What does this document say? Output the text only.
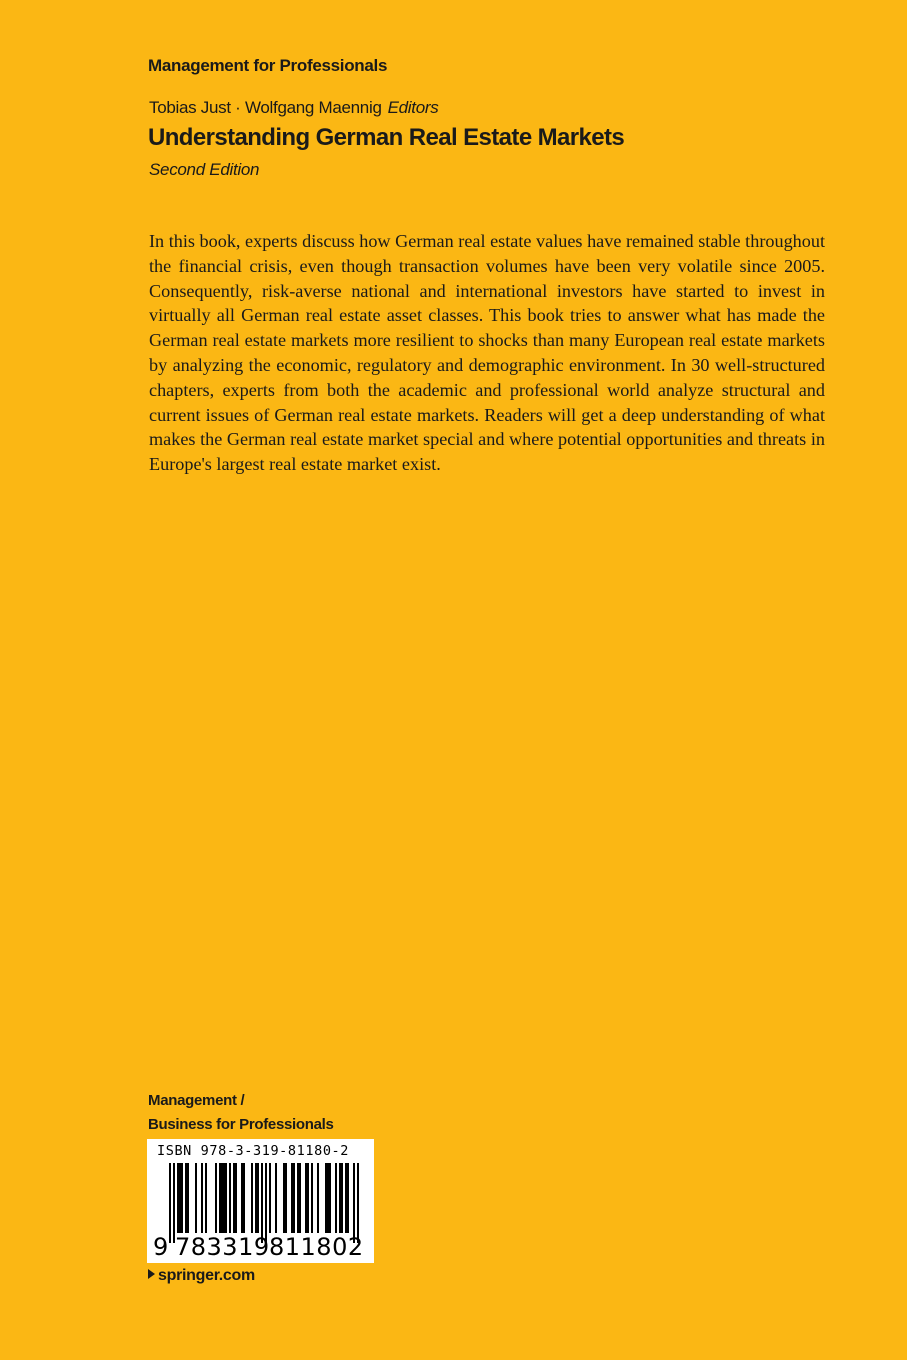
Management for Professionals
Tobias Just · Wolfgang Maennig Editors
Understanding German Real Estate Markets
Second Edition

In this book, experts discuss how German real estate values have remained stable throughout the financial crisis, even though transaction volumes have been very volatile since 2005. Consequently, risk-averse national and international investors have started to invest in virtually all German real estate asset classes. This book tries to answer what has made the German real estate markets more resilient to shocks than many European real estate markets by analyzing the economic, regulatory and demographic environment. In 30 well-structured chapters, experts from both the academic and professional world analyze structural and current issues of German real estate markets. Readers will get a deep understanding of what makes the German real estate market special and where potential opportunities and threats in Europe's largest real estate market exist.

Management /
Business for Professionals
ISBN 978-3-319-81180-2
9 783319 811802
springer.com
